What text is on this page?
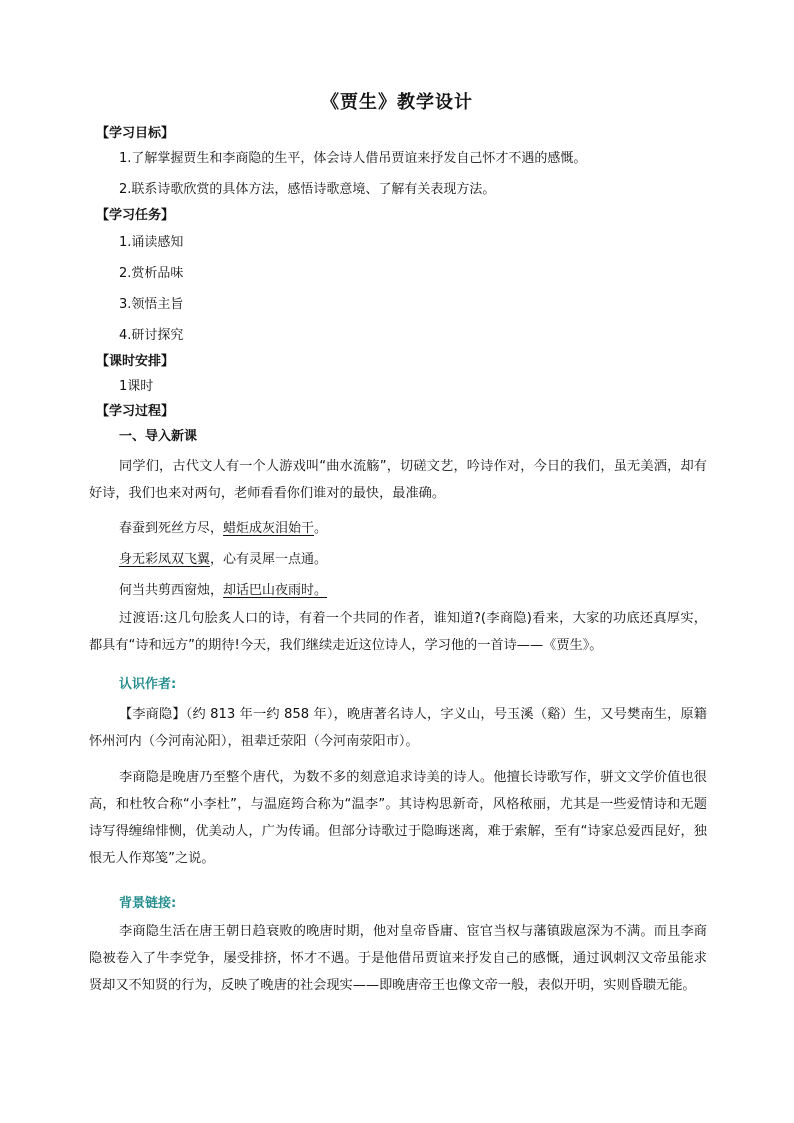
《贾生》教学设计
【学习目标】
1.了解掌握贾生和李商隐的生平，体会诗人借吊贾谊来抒发自己怀才不遇的感慨。
2.联系诗歌欣赏的具体方法，感悟诗歌意境、了解有关表现方法。
【学习任务】
1.诵读感知
2.赏析品味
3.领悟主旨
4.研讨探究
【课时安排】
1课时
【学习过程】
一、导入新课
同学们，古代文人有一个人游戏叫“曲水流觞”，切磋文艺，吟诗作对，今日的我们，虽无美酒，却有好诗，我们也来对两句，老师看看你们谁对的最快，最准确。
春蚕到死丝方尽，蜡炬成灰泪始干。
身无彩凤双飞翼，心有灵犀一点通。
何当共剪西窗烛，却话巴山夜雨时。
过渡语:这几句脍炙人口的诗，有着一个共同的作者，谁知道?(李商隐)看来，大家的功底还真厚实，都具有“诗和远方”的期待!今天，我们继续走近这位诗人，学习他的一首诗——《贾生》。
认识作者:
【李商隐】（约 813 年一约 858 年），晚唐著名诗人，字义山，号玉溪（谿）生，又号樊南生，原籍怀州河内（今河南沁阳），祖辈迁荥阳（今河南荥阳市）。
李商隐是晚唐乃至整个唐代，为数不多的刻意追求诗美的诗人。他擅长诗歌写作，骈文文学价值也很高，和杜牧合称“小李杜”，与温庭筠合称为“温李”。其诗构思新奇，风格秾丽，尤其是一些爱情诗和无题诗写得缠绵悱恻，优美动人，广为传诵。但部分诗歌过于隐晦迷离，难于索解，至有“诗家总爱西昆好，独恨无人作郑笺”之说。
背景链接:
李商隐生活在唐王朝日趋衰败的晚唐时期，他对皇帝昏庸、宦官当权与藩镇跋扈深为不满。而且李商隐被卷入了牛李党争，屡受排挤，怀才不遇。于是他借吊贾谊来抒发自己的感慨，通过讽刺汉文帝虽能求贤却又不知贤的行为，反映了晚唐的社会现实——即晚唐帝王也像文帝一般，表似开明，实则昏聩无能。
